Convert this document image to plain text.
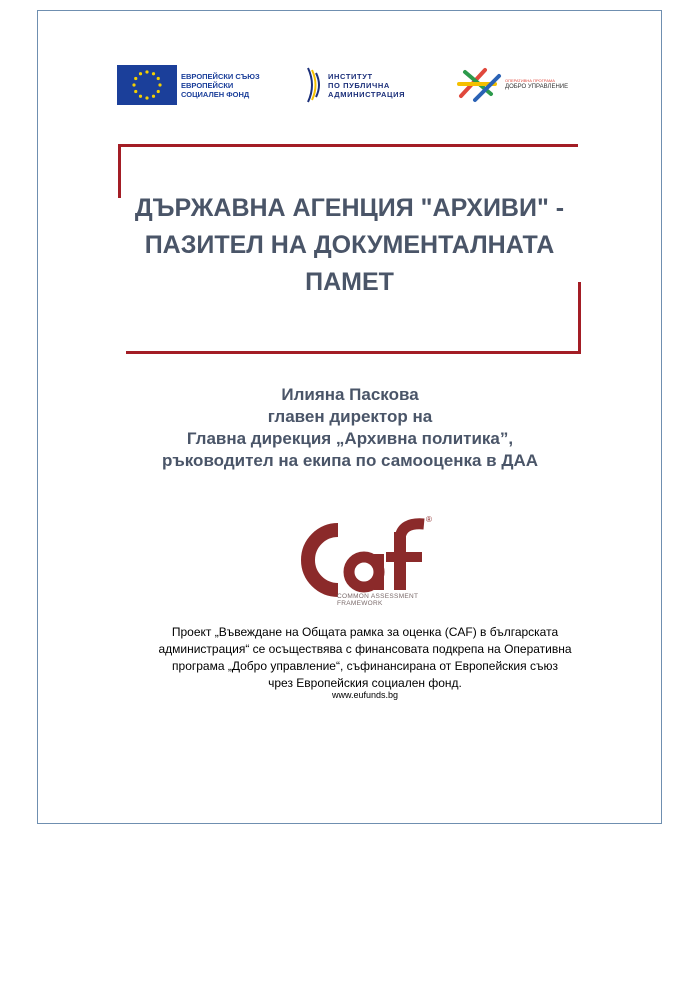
ЕВРОПЕЙСКИ СЪЮЗ
ЕВРОПЕЙСКИ
СОЦИАЛЕН ФОНД
ИНСТИТУТ
ПО ПУБЛИЧНА
АДМИНИСТРАЦИЯ
ОПЕРАТИВНА ПРОГРАМА
ДОБРО УПРАВЛЕНИЕ
ДЪРЖАВНА АГЕНЦИЯ "АРХИВИ" -
ПАЗИТЕЛ НА ДОКУМЕНТАЛНАТА
ПАМЕТ
Илияна Паскова
главен директор на
Главна дирекция „Архивна политика”,
ръководител на екипа по самооценка в ДАА
®
COMMON ASSESSMENT
FRAMEWORK
Проект „Въвеждане на Общата рамка за оценка (CAF) в българската
администрация“ се осъществява с финансовата подкрепа на Оперативна
програма „Добро управление“, съфинансирана от Европейския съюз
чрез Европейския социален фонд.
www.eufunds.bg
